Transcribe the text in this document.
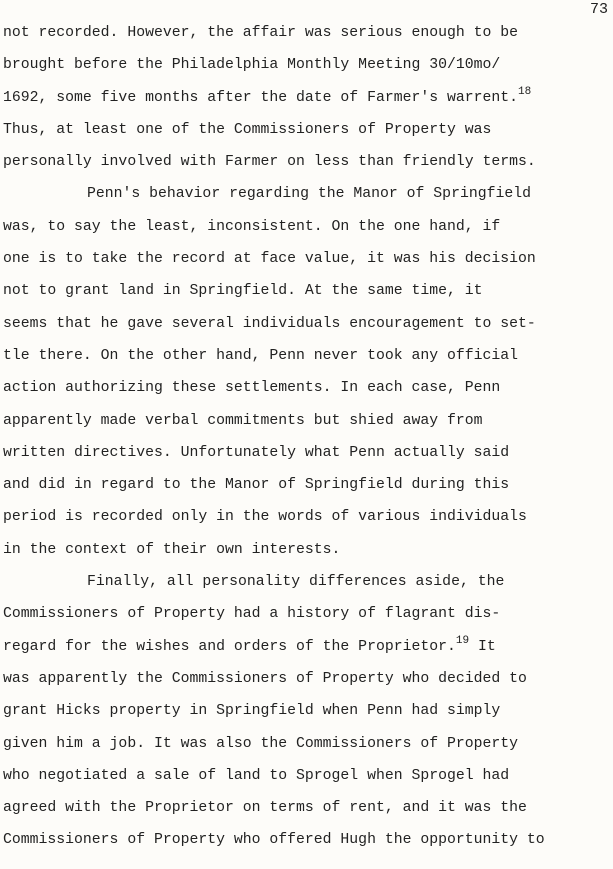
73
not recorded. However, the affair was serious enough to be
brought before the Philadelphia Monthly Meeting 30/10mo/
1692, some five months after the date of Farmer's warrent.$^{18}$
Thus, at least one of the Commissioners of Property was
personally involved with Farmer on less than friendly terms.
Penn's behavior regarding the Manor of Springfield
was, to say the least, inconsistent. On the one hand, if
one is to take the record at face value, it was his decision
not to grant land in Springfield. At the same time, it
seems that he gave several individuals encouragement to set-
tle there. On the other hand, Penn never took any official
action authorizing these settlements. In each case, Penn
apparently made verbal commitments but shied away from
written directives. Unfortunately what Penn actually said
and did in regard to the Manor of Springfield during this
period is recorded only in the words of various individuals
in the context of their own interests.
Finally, all personality differences aside, the
Commissioners of Property had a history of flagrant dis-
regard for the wishes and orders of the Proprietor.$^{19}$ It
was apparently the Commissioners of Property who decided to
grant Hicks property in Springfield when Penn had simply
given him a job. It was also the Commissioners of Property
who negotiated a sale of land to Sprogel when Sprogel had
agreed with the Proprietor on terms of rent, and it was the
Commissioners of Property who offered Hugh the opportunity to
